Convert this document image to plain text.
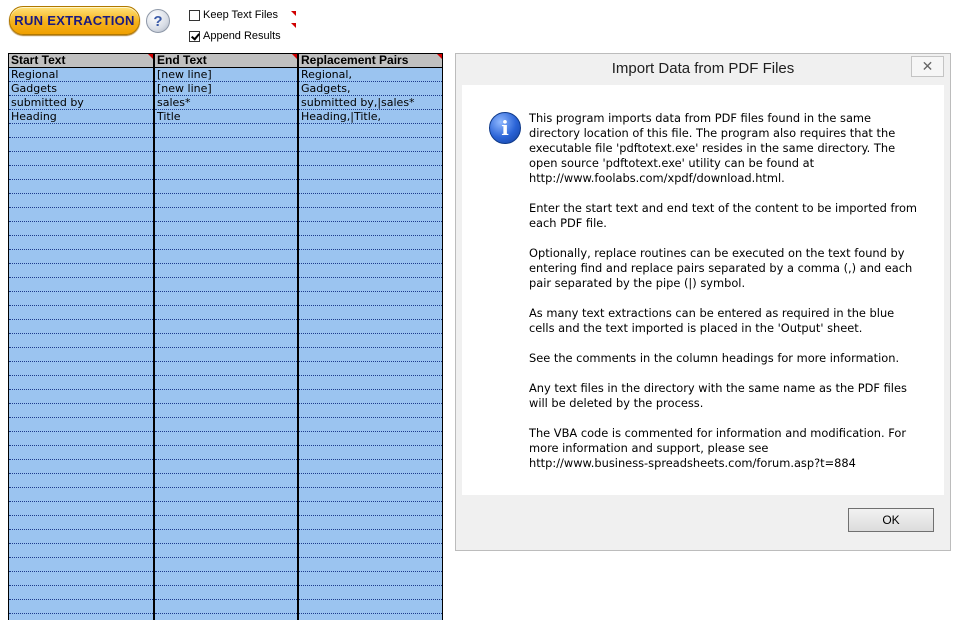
RUN EXTRACTION	?	Keep Text Files
Append Results
Start Text	End Text	Replacement Pairs

Regional	[new line]	Regional,
Gadgets	[new line]	Gadgets,
submitted by	sales*	submitted by,|sales*
Heading	Title	Heading,|Title,

Import Data from PDF Files	✕
i	This program imports data from PDF files found in the same directory location of this file. The program also requires that the executable file 'pdftotext.exe' resides in the same directory. The open source 'pdftotext.exe' utility can be found at
http://www.foolabs.com/xpdf/download.html.

Enter the start text and end text of the content to be imported from each PDF file.

Optionally, replace routines can be executed on the text found by entering find and replace pairs separated by a comma (,) and each pair separated by the pipe (|) symbol.

As many text extractions can be entered as required in the blue cells and the text imported is placed in the 'Output' sheet.

See the comments in the column headings for more information.

Any text files in the directory with the same name as the PDF files will be deleted by the process.

The VBA code is commented for information and modification. For more information and support, please see
http://www.business-spreadsheets.com/forum.asp?t=884

OK
